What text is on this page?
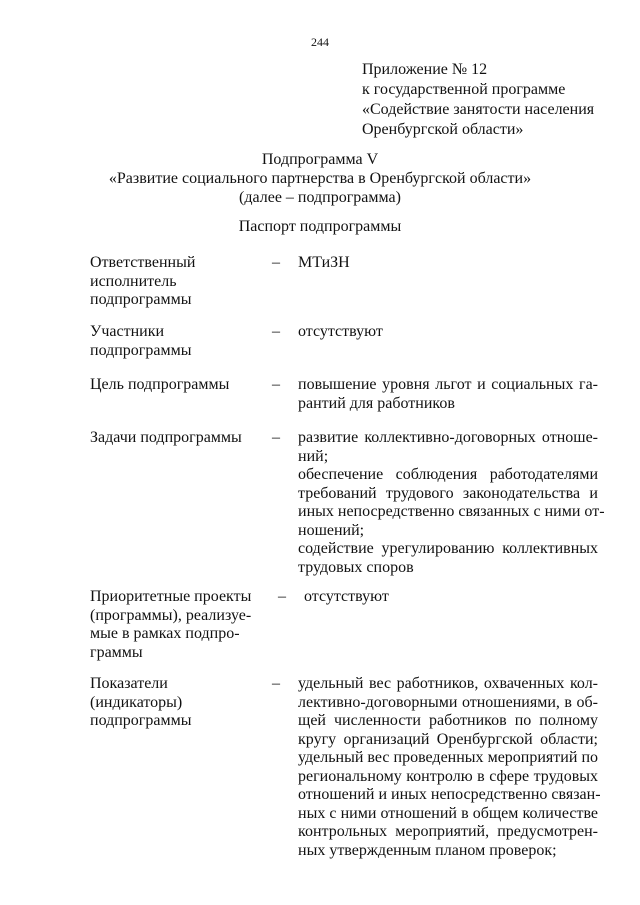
244
Приложение № 12
к государственной программе
«Содействие занятости населения
Оренбургской области»
Подпрограмма V
«Развитие социального партнерства в Оренбургской области»
(далее – подпрограмма)
Паспорт подпрограммы
Ответственный
исполнитель
подпрограммы
– МТиЗН
Участники
подпрограммы
– отсутствуют
Цель подпрограммы	– повышение уровня льгот и социальных га-
рантий для работников
Задачи подпрограммы	– развитие коллективно-договорных отноше-
ний;
обеспечение соблюдения работодателями
требований трудового законодательства и
иных непосредственно связанных с ними от-
ношений;
содействие урегулированию коллективных
трудовых споров
Приоритетные проекты
(программы), реализуе-
мые в рамках подпро-
граммы
– отсутствуют
Показатели
(индикаторы)
подпрограммы
– удельный вес работников, охваченных кол-
лективно-договорными отношениями, в об-
щей численности работников по полному
кругу организаций Оренбургской области;
удельный вес проведенных мероприятий по
региональному контролю в сфере трудовых
отношений и иных непосредственно связан-
ных с ними отношений в общем количестве
контрольных мероприятий, предусмотрен-
ных утвержденным планом проверок;
